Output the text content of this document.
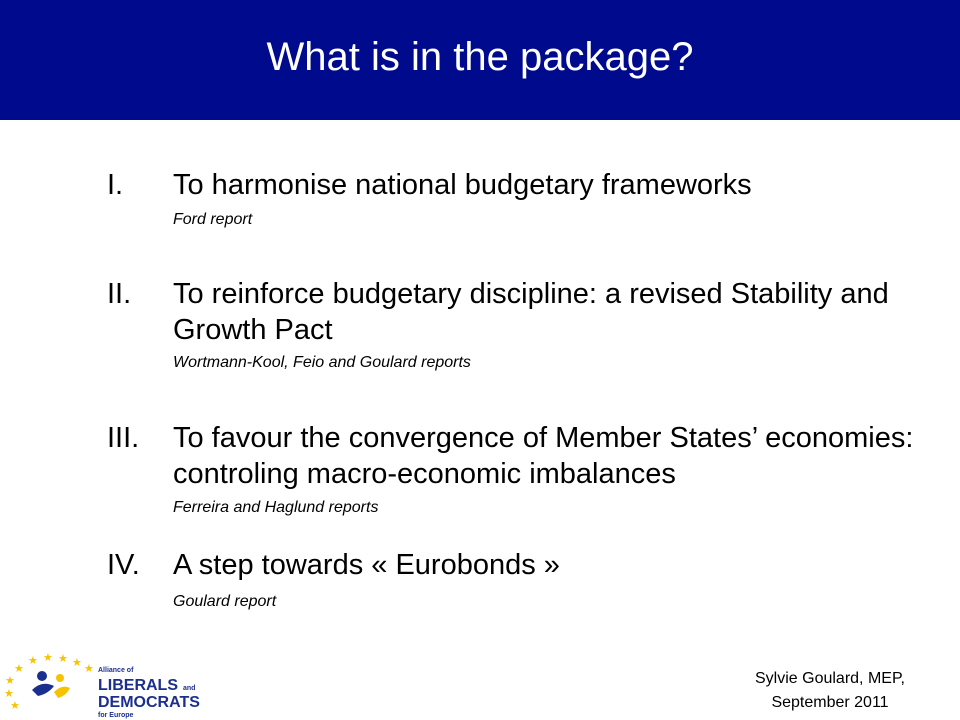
What is in the package?
I. To harmonise national budgetary frameworks
Ford report
II. To reinforce budgetary discipline: a revised Stability and Growth Pact
Wortmann-Kool, Feio and Goulard reports
III. To favour the convergence of Member States’ economies: controling macro-economic imbalances
Ferreira and Haglund reports
IV. A step towards « Eurobonds »
Goulard report
★
★
★
★
★
★ ★ ★ ★ Alliance of
LIBERALS and
DEMOCRATS
for Europe
Sylvie Goulard, MEP,
September 2011
